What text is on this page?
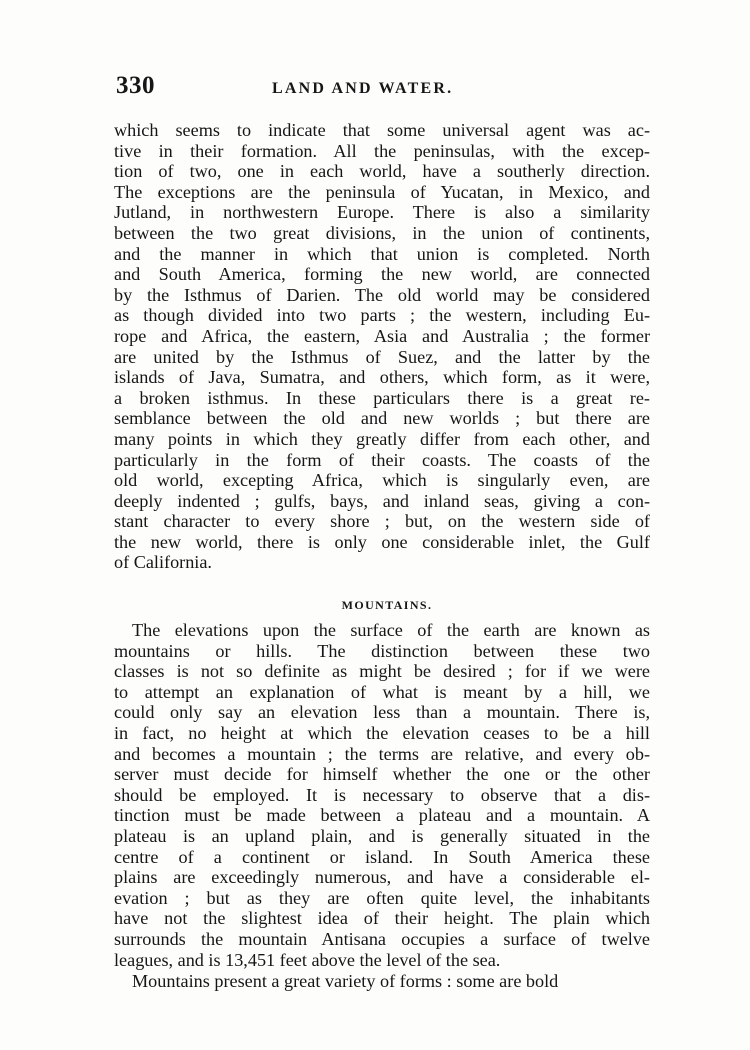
330	LAND AND WATER.
which seems to indicate that some universal agent was ac-
tive in their formation. All the peninsulas, with the excep-
tion of two, one in each world, have a southerly direction.
The exceptions are the peninsula of Yucatan, in Mexico, and
Jutland, in northwestern Europe. There is also a similarity
between the two great divisions, in the union of continents,
and the manner in which that union is completed. North
and South America, forming the new world, are connected
by the Isthmus of Darien. The old world may be considered
as though divided into two parts ; the western, including Eu-
rope and Africa, the eastern, Asia and Australia ; the former
are united by the Isthmus of Suez, and the latter by the
islands of Java, Sumatra, and others, which form, as it were,
a broken isthmus. In these particulars there is a great re-
semblance between the old and new worlds ; but there are
many points in which they greatly differ from each other, and
particularly in the form of their coasts. The coasts of the
old world, excepting Africa, which is singularly even, are
deeply indented ; gulfs, bays, and inland seas, giving a con-
stant character to every shore ; but, on the western side of
the new world, there is only one considerable inlet, the Gulf
of California.
MOUNTAINS.
The elevations upon the surface of the earth are known as
mountains or hills. The distinction between these two
classes is not so definite as might be desired ; for if we were
to attempt an explanation of what is meant by a hill, we
could only say an elevation less than a mountain. There is,
in fact, no height at which the elevation ceases to be a hill
and becomes a mountain ; the terms are relative, and every ob-
server must decide for himself whether the one or the other
should be employed. It is necessary to observe that a dis-
tinction must be made between a plateau and a mountain. A
plateau is an upland plain, and is generally situated in the
centre of a continent or island. In South America these
plains are exceedingly numerous, and have a considerable el-
evation ; but as they are often quite level, the inhabitants
have not the slightest idea of their height. The plain which
surrounds the mountain Antisana occupies a surface of twelve
leagues, and is 13,451 feet above the level of the sea.
Mountains present a great variety of forms : some are bold
